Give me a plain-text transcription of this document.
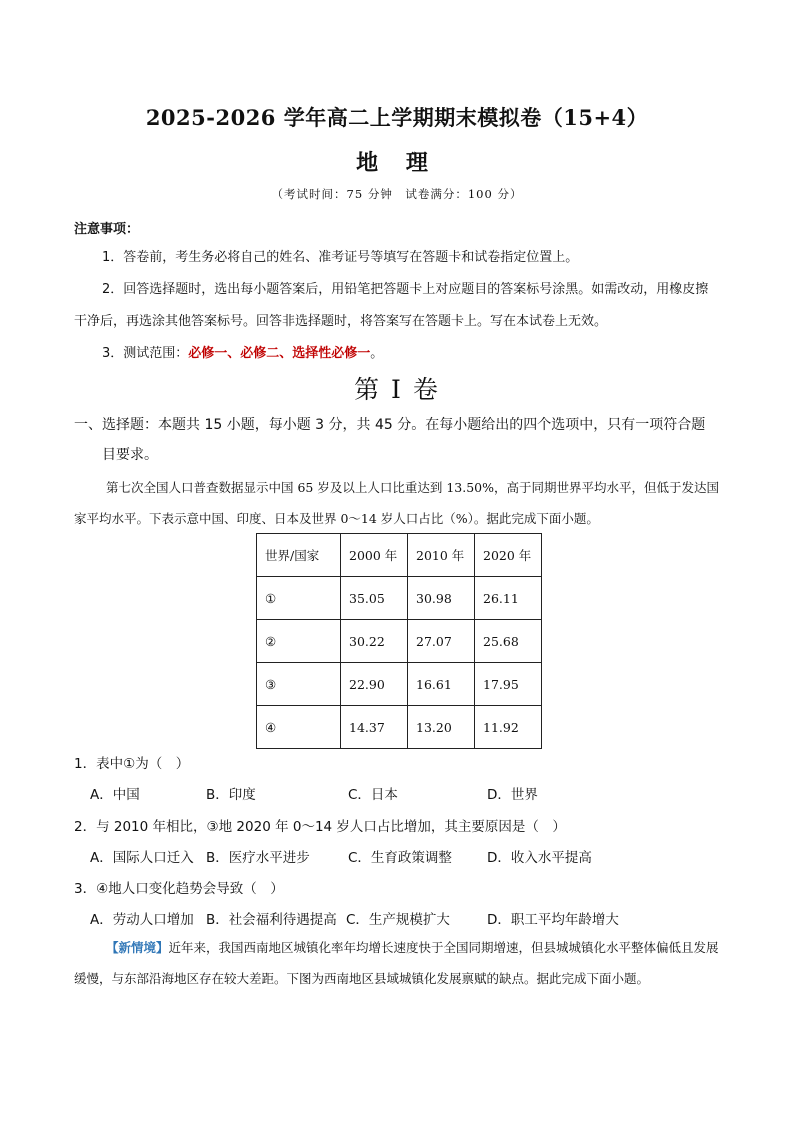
2025-2026 学年高二上学期期末模拟卷（15+4）
地 理
（考试时间：75 分钟　试卷满分：100 分）
注意事项：
1．答卷前，考生务必将自己的姓名、准考证号等填写在答题卡和试卷指定位置上。
2．回答选择题时，选出每小题答案后，用铅笔把答题卡上对应题目的答案标号涂黑。如需改动，用橡皮擦干净后，再选涂其他答案标号。回答非选择题时，将答案写在答题卡上。写在本试卷上无效。
3．测试范围：必修一、必修二、选择性必修一。
第 I 卷
一、选择题：本题共 15 小题，每小题 3 分，共 45 分。在每小题给出的四个选项中，只有一项符合题
目要求。
第七次全国人口普查数据显示中国 65 岁及以上人口比重达到 13.50%，高于同期世界平均水平，但低于发达国家平均水平。下表示意中国、印度、日本及世界 0～14 岁人口占比（%）。据此完成下面小题。
世界/国家	2000 年	2010 年	2020 年
①	35.05	30.98	26.11
②	30.22	27.07	25.68
③	22.90	16.61	17.95
④	14.37	13.20	11.92
1．表中①为（　）
A．中国	B．印度	C．日本	D．世界
2．与 2010 年相比，③地 2020 年 0～14 岁人口占比增加，其主要原因是（　）
A．国际人口迁入 B．医疗水平进步	C．生育政策调整	D．收入水平提高
3．④地人口变化趋势会导致（　）
A．劳动人口增加 B．社会福利待遇提高 C．生产规模扩大	D．职工平均年龄增大
【新情境】近年来，我国西南地区城镇化率年均增长速度快于全国同期增速，但县城城镇化水平整体偏低且发展缓慢，与东部沿海地区存在较大差距。下图为西南地区县域城镇化发展禀赋的缺点。据此完成下面小题。
